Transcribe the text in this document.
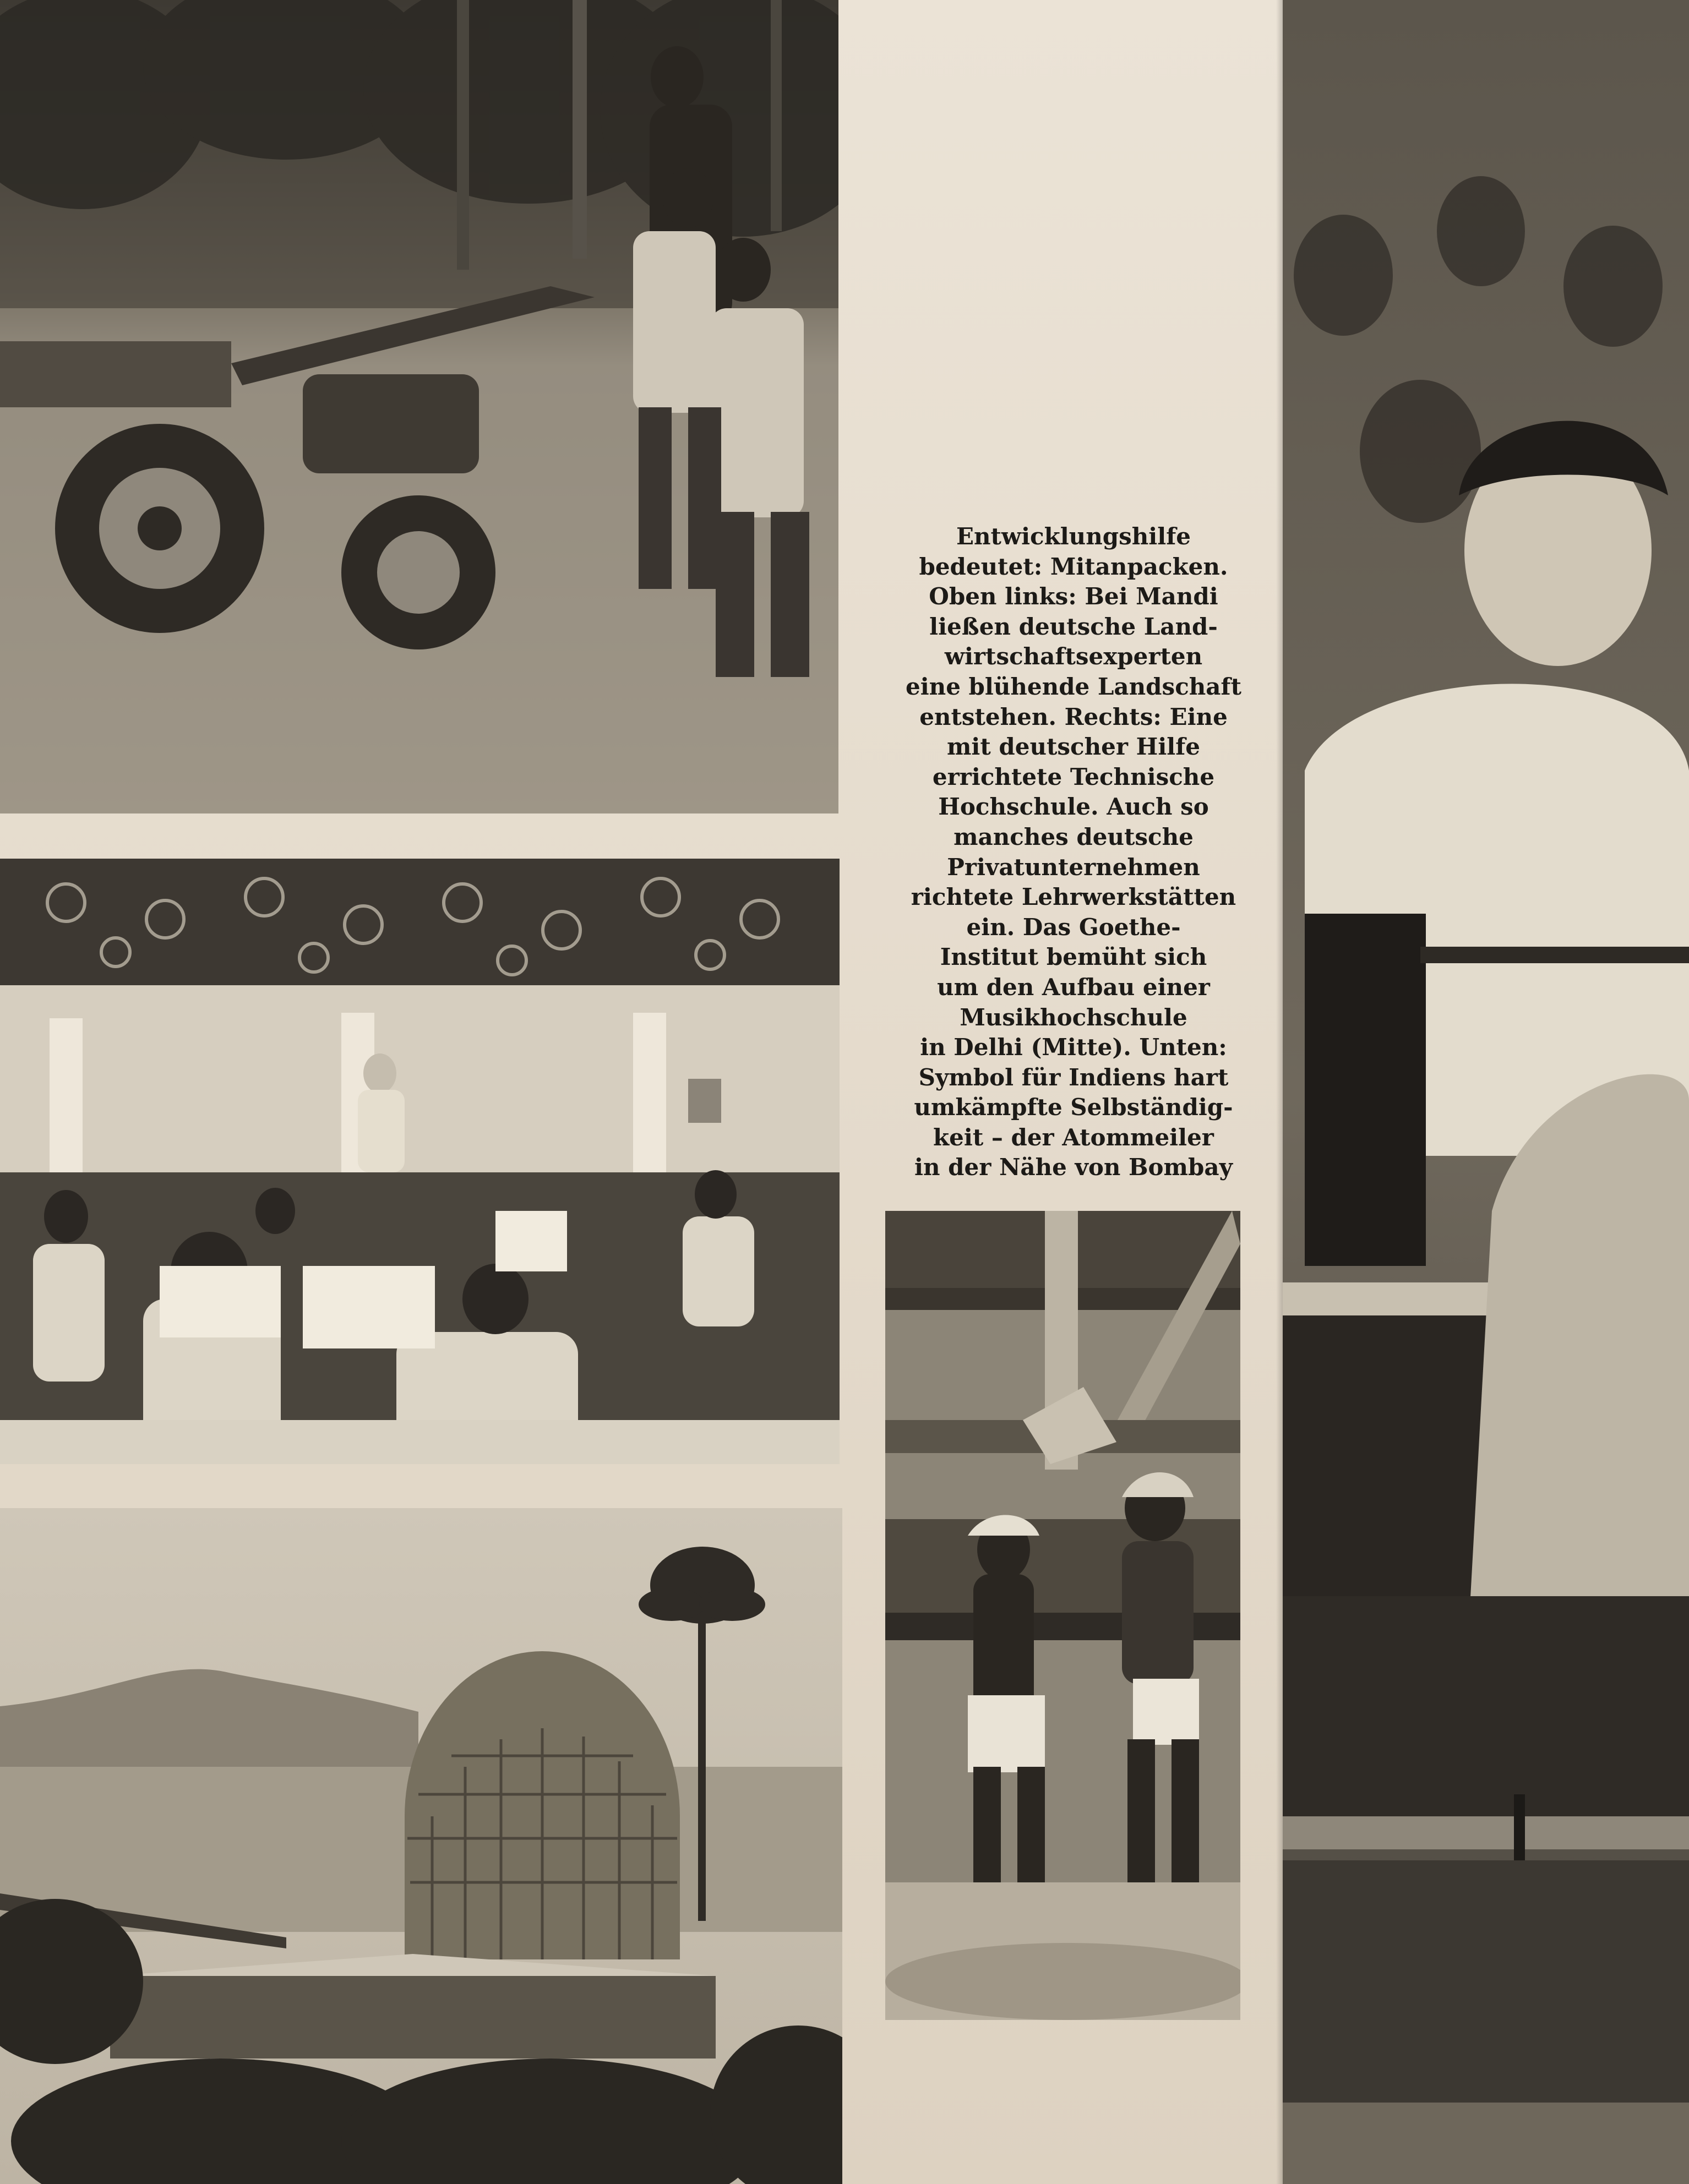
Entwicklungshilfe
bedeutet: Mitanpacken.
Oben links: Bei Mandi
ließen deutsche Land-
wirtschaftsexperten
eine blühende Landschaft
entstehen. Rechts: Eine
mit deutscher Hilfe
errichtete Technische
Hochschule. Auch so
manches deutsche
Privatunternehmen
richtete Lehrwerkstätten
ein. Das Goethe-
Institut bemüht sich
um den Aufbau einer
Musikhochschule
in Delhi (Mitte). Unten:
Symbol für Indiens hart
umkämpfte Selbständig-
keit – der Atommeiler
in der Nähe von Bombay
